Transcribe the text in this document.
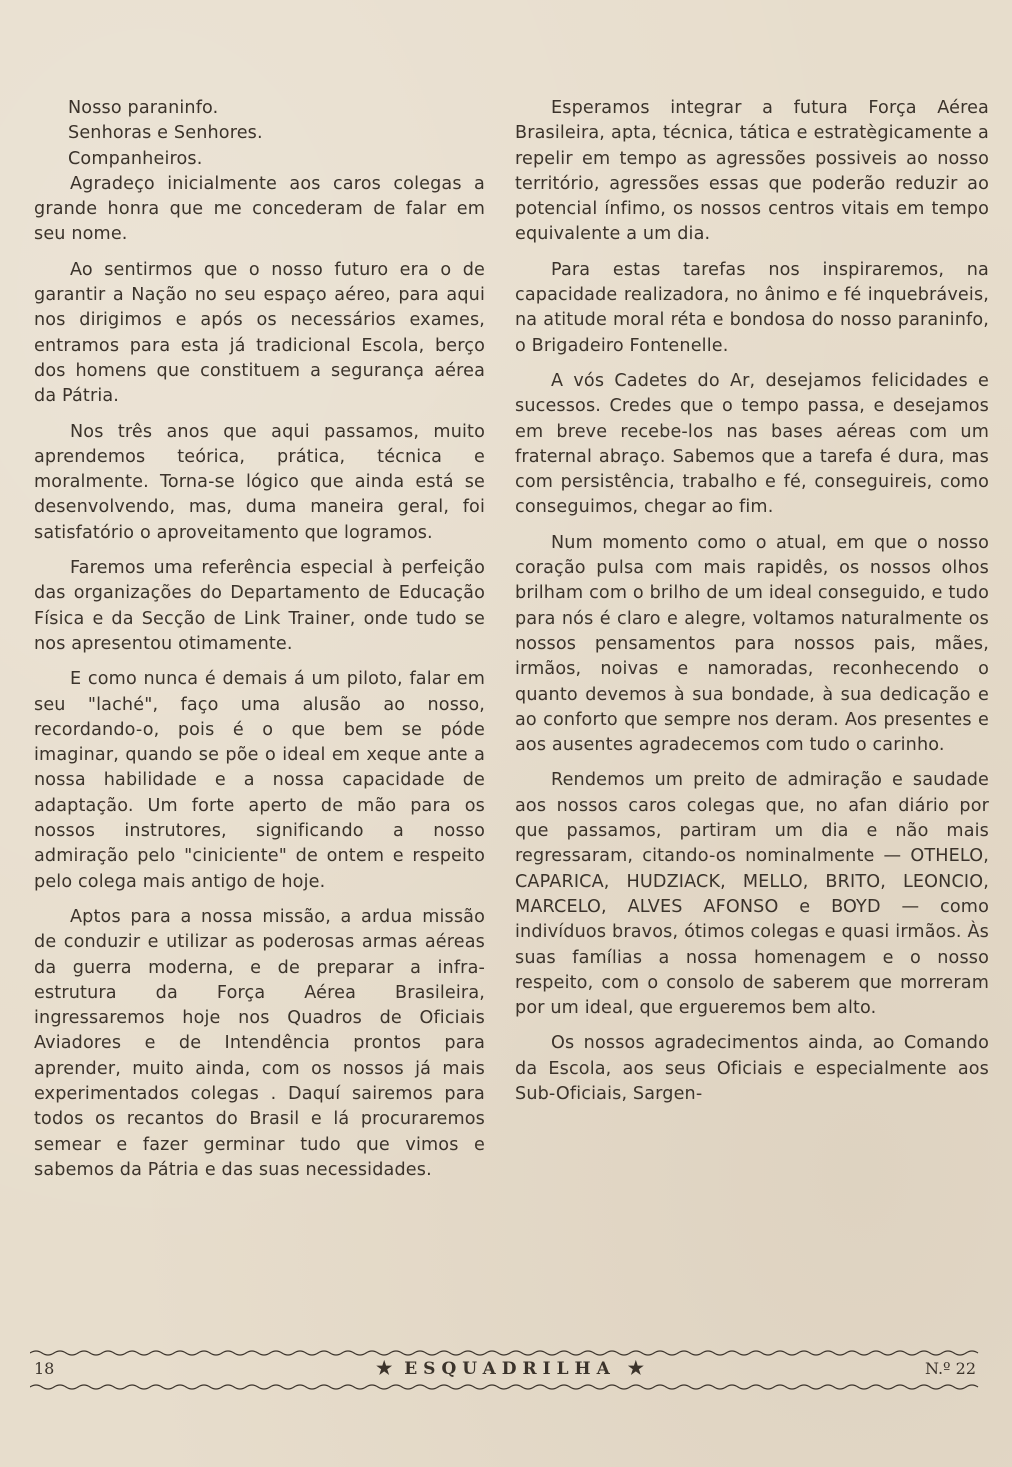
Nosso paraninfo.

Senhoras e Senhores.

Companheiros.

Agradeço inicialmente aos caros colegas a grande honra que me concederam de falar em seu nome.

Ao sentirmos que o nosso futuro era o de garantir a Nação no seu espaço aéreo, para aqui nos dirigimos e após os necessários exames, entramos para esta já tradicional Escola, berço dos homens que constituem a segurança aérea da Pátria.

Nos três anos que aqui passamos, muito aprendemos teórica, prática, técnica e moralmente. Torna-se lógico que ainda está se desenvolvendo, mas, duma maneira geral, foi satisfatório o aproveitamento que logramos.

Faremos uma referência especial à perfeição das organizações do Departamento de Educação Física e da Secção de Link Trainer, onde tudo se nos apresentou otimamente.

E como nunca é demais á um piloto, falar em seu "laché", faço uma alusão ao nosso, recordando-o, pois é o que bem se póde imaginar, quando se põe o ideal em xeque ante a nossa habilidade e a nossa capacidade de adaptação. Um forte aperto de mão para os nossos instrutores, significando a nosso admiração pelo "ciniciente" de ontem e respeito pelo colega mais antigo de hoje.

Aptos para a nossa missão, a ardua missão de conduzir e utilizar as poderosas armas aéreas da guerra moderna, e de preparar a infra-estrutura da Força Aérea Brasileira, ingressaremos hoje nos Quadros de Oficiais Aviadores e de Intendência prontos para aprender, muito ainda, com os nossos já mais experimentados colegas . Daquí sairemos para todos os recantos do Brasil e lá procuraremos semear e fazer germinar tudo que vimos e sabemos da Pátria e das suas necessidades.

Esperamos integrar a futura Força Aérea Brasileira, apta, técnica, tática e estratègicamente a repelir em tempo as agressões possiveis ao nosso território, agressões essas que poderão reduzir ao potencial ínfimo, os nossos centros vitais em tempo equivalente a um dia.

Para estas tarefas nos inspiraremos, na capacidade realizadora, no ânimo e fé inquebráveis, na atitude moral réta e bondosa do nosso paraninfo, o Brigadeiro Fontenelle.

A vós Cadetes do Ar, desejamos felicidades e sucessos. Credes que o tempo passa, e desejamos em breve recebe-los nas bases aéreas com um fraternal abraço. Sabemos que a tarefa é dura, mas com persistência, trabalho e fé, conseguireis, como conseguimos, chegar ao fim.

Num momento como o atual, em que o nosso coração pulsa com mais rapidês, os nossos olhos brilham com o brilho de um ideal conseguido, e tudo para nós é claro e alegre, voltamos naturalmente os nossos pensamentos para nossos pais, mães, irmãos, noivas e namoradas, reconhecendo o quanto devemos à sua bondade, à sua dedicação e ao conforto que sempre nos deram. Aos presentes e aos ausentes agradecemos com tudo o carinho.

Rendemos um preito de admiração e saudade aos nossos caros colegas que, no afan diário por que passamos, partiram um dia e não mais regressaram, citando-os nominalmente — OTHELO, CAPARICA, HUDZIACK, MELLO, BRITO, LEONCIO, MARCELO, ALVES AFONSO e BOYD — como indivíduos bravos, ótimos colegas e quasi irmãos. Às suas famílias a nossa homenagem e o nosso respeito, com o consolo de saberem que morreram por um ideal, que ergueremos bem alto.

Os nossos agradecimentos ainda, ao Comando da Escola, aos seus Oficiais e especialmente aos Sub-Oficiais, Sargen-

18	★ ESQUADRILHA ★	N.º 22
